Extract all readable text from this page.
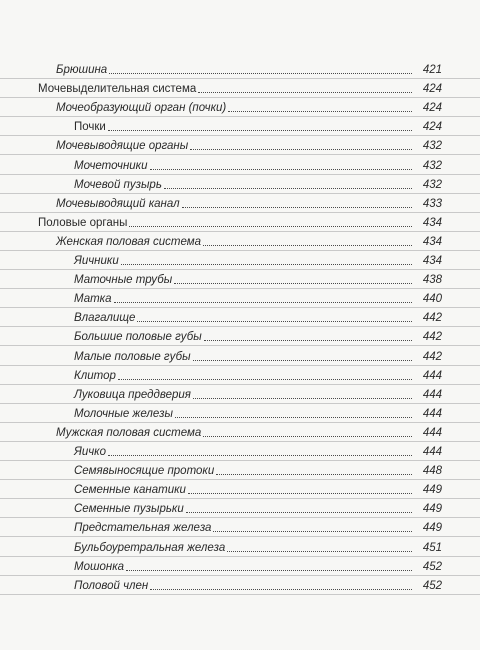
Брюшина	421
Мочевыделительная система	424
Мочеобразующий орган (почки)	424
Почки	424
Мочевыводящие органы	432
Мочеточники	432
Мочевой пузырь	432
Мочевыводящий канал	433
Половые органы	434
Женская половая система	434
Яичники	434
Маточные трубы	438
Матка	440
Влагалище	442
Большие половые губы	442
Малые половые губы	442
Клитор	444
Луковица преддверия	444
Молочные железы	444
Мужская половая система	444
Яичко	444
Семявыносящие протоки	448
Семенные канатики	449
Семенные пузырьки	449
Предстательная железа	449
Бульбоуретральная железа	451
Мошонка	452
Половой член	452
